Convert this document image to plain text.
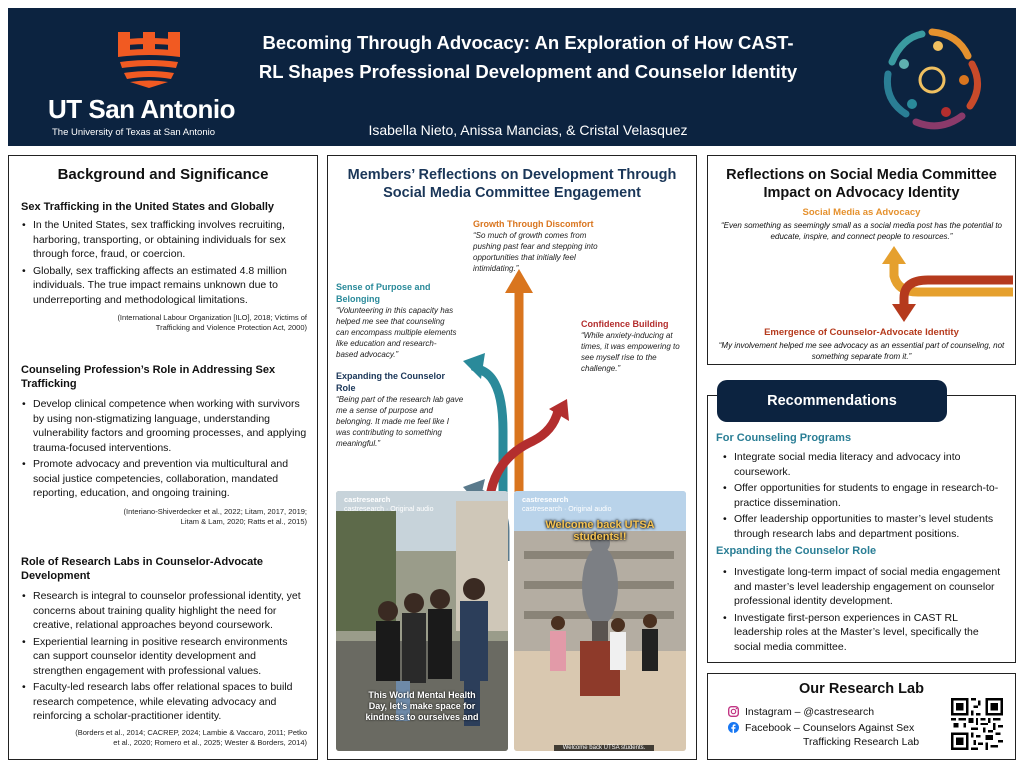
UT San Antonio
The University of Texas at San Antonio
Becoming Through Advocacy: An Exploration of How CAST-RL Shapes Professional Development and Counselor Identity
Isabella Nieto, Anissa Mancias, & Cristal Velasquez
Background and Significance
Sex Trafficking in the United States and Globally
• In the United States, sex trafficking involves recruiting, harboring, transporting, or obtaining individuals for sex through force, fraud, or coercion.
• Globally, sex trafficking affects an estimated 4.8 million individuals. The true impact remains unknown due to underreporting and methodological limitations.
(International Labour Organization [ILO], 2018; Victims of Trafficking and Violence Protection Act, 2000)
Counseling Profession’s Role in Addressing Sex Trafficking
• Develop clinical competence when working with survivors by using non-stigmatizing language, understanding vulnerability factors and grooming processes, and applying trauma-focused interventions.
• Promote advocacy and prevention via multicultural and social justice competencies, collaboration, mandated reporting, education, and ongoing training.
(Interiano-Shiverdecker et al., 2022; Litam, 2017, 2019; Litam & Lam, 2020; Ratts et al., 2015)
Role of Research Labs in Counselor-Advocate Development
• Research is integral to counselor professional identity, yet concerns about training quality highlight the need for creative, relational approaches beyond coursework.
• Experiential learning in positive research environments can support counselor identity development and strengthen engagement with professional values.
• Faculty-led research labs offer relational spaces to build research competence, while elevating advocacy and reinforcing a scholar-practitioner identity.
(Borders et al., 2014; CACREP, 2024; Lambie & Vaccaro, 2011; Petko et al., 2020; Romero et al., 2025; Wester & Borders, 2014)
Members’ Reflections on Development Through Social Media Committee Engagement
Growth Through Discomfort
“So much of growth comes from pushing past fear and stepping into opportunities that initially feel intimidating.”
Sense of Purpose and Belonging
“Volunteering in this capacity has helped me see that counseling can encompass multiple elements like education and research-based advocacy.”
Confidence Building
“While anxiety-inducing at times, it was empowering to see myself rise to the challenge.”
Expanding the Counselor Role
“Being part of the research lab gave me a sense of purpose and belonging. It made me feel like I was contributing to something meaningful.”
castresearch
castresearch · Original audio
This World Mental Health Day, let’s make space for kindness to ourselves and
castresearch
castresearch · Original audio
Welcome back UTSA students!!
Welcome back UTSA students.
Reflections on Social Media Committee Impact on Advocacy Identity
Social Media as Advocacy
“Even something as seemingly small as a social media post has the potential to educate, inspire, and connect people to resources.”
Emergence of Counselor-Advocate Identity
“My involvement helped me see advocacy as an essential part of counseling, not something separate from it.”
For Counseling Programs
• Integrate social media literacy and advocacy into coursework.
• Offer opportunities for students to engage in research-to-practice dissemination.
• Offer leadership opportunities to master’s level students through research labs and department positions.
Expanding the Counselor Role
• Investigate long-term impact of social media engagement and master’s level leadership engagement on counselor professional identity development.
• Investigate first-person experiences in CAST RL leadership roles at the Master’s level, specifically the social media committee.
Recommendations
Our Research Lab
Instagram – @castresearch
Facebook – Counselors Against Sex
Trafficking Research Lab
